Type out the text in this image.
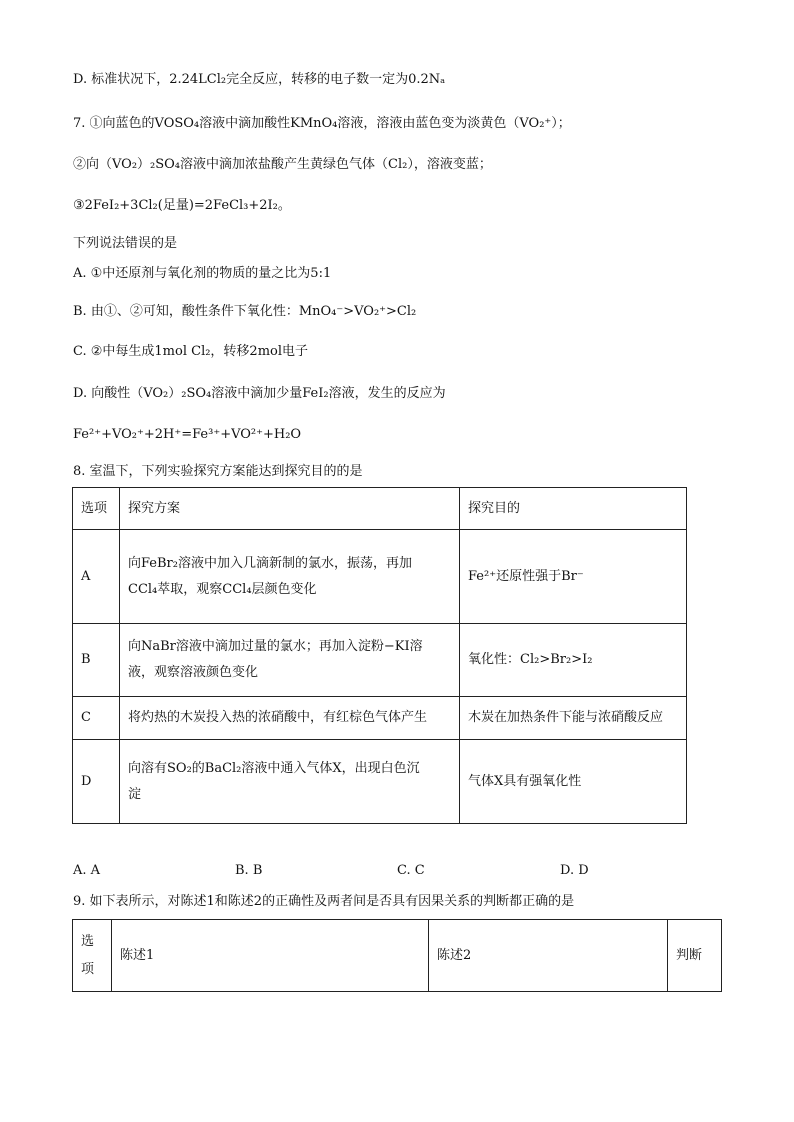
D. 标准状况下，2.24LCl₂完全反应，转移的电子数一定为0.2Nₐ
7. ①向蓝色的VOSO₄溶液中滴加酸性KMnO₄溶液，溶液由蓝色变为淡黄色（VO₂⁺）；
②向（VO₂）₂SO₄溶液中滴加浓盐酸产生黄绿色气体（Cl₂），溶液变蓝；
③2FeI₂+3Cl₂(足量)=2FeCl₃+2I₂。
下列说法错误的是
A. ①中还原剂与氧化剂的物质的量之比为5:1
B. 由①、②可知，酸性条件下氧化性：MnO₄⁻>VO₂⁺>Cl₂
C. ②中每生成1mol Cl₂，转移2mol电子
D. 向酸性（VO₂）₂SO₄溶液中滴加少量FeI₂溶液，发生的反应为
Fe²⁺+VO₂⁺+2H⁺=Fe³⁺+VO²⁺+H₂O
8. 室温下，下列实验探究方案能达到探究目的的是
选项	探究方案	探究目的
A	向FeBr₂溶液中加入几滴新制的氯水，振荡，再加
CCl₄萃取，观察CCl₄层颜色变化	Fe²⁺还原性强于Br⁻
B	向NaBr溶液中滴加过量的氯水；再加入淀粉−KI溶
液，观察溶液颜色变化	氧化性：Cl₂>Br₂>I₂
C	将灼热的木炭投入热的浓硝酸中，有红棕色气体产生	木炭在加热条件下能与浓硝酸反应
D	向溶有SO₂的BaCl₂溶液中通入气体X，出现白色沉
淀	气体X具有强氧化性
A. A	B. B	C. C	D. D
9. 如下表所示，对陈述1和陈述2的正确性及两者间是否具有因果关系的判断都正确的是
选项	陈述1	陈述2	判断
